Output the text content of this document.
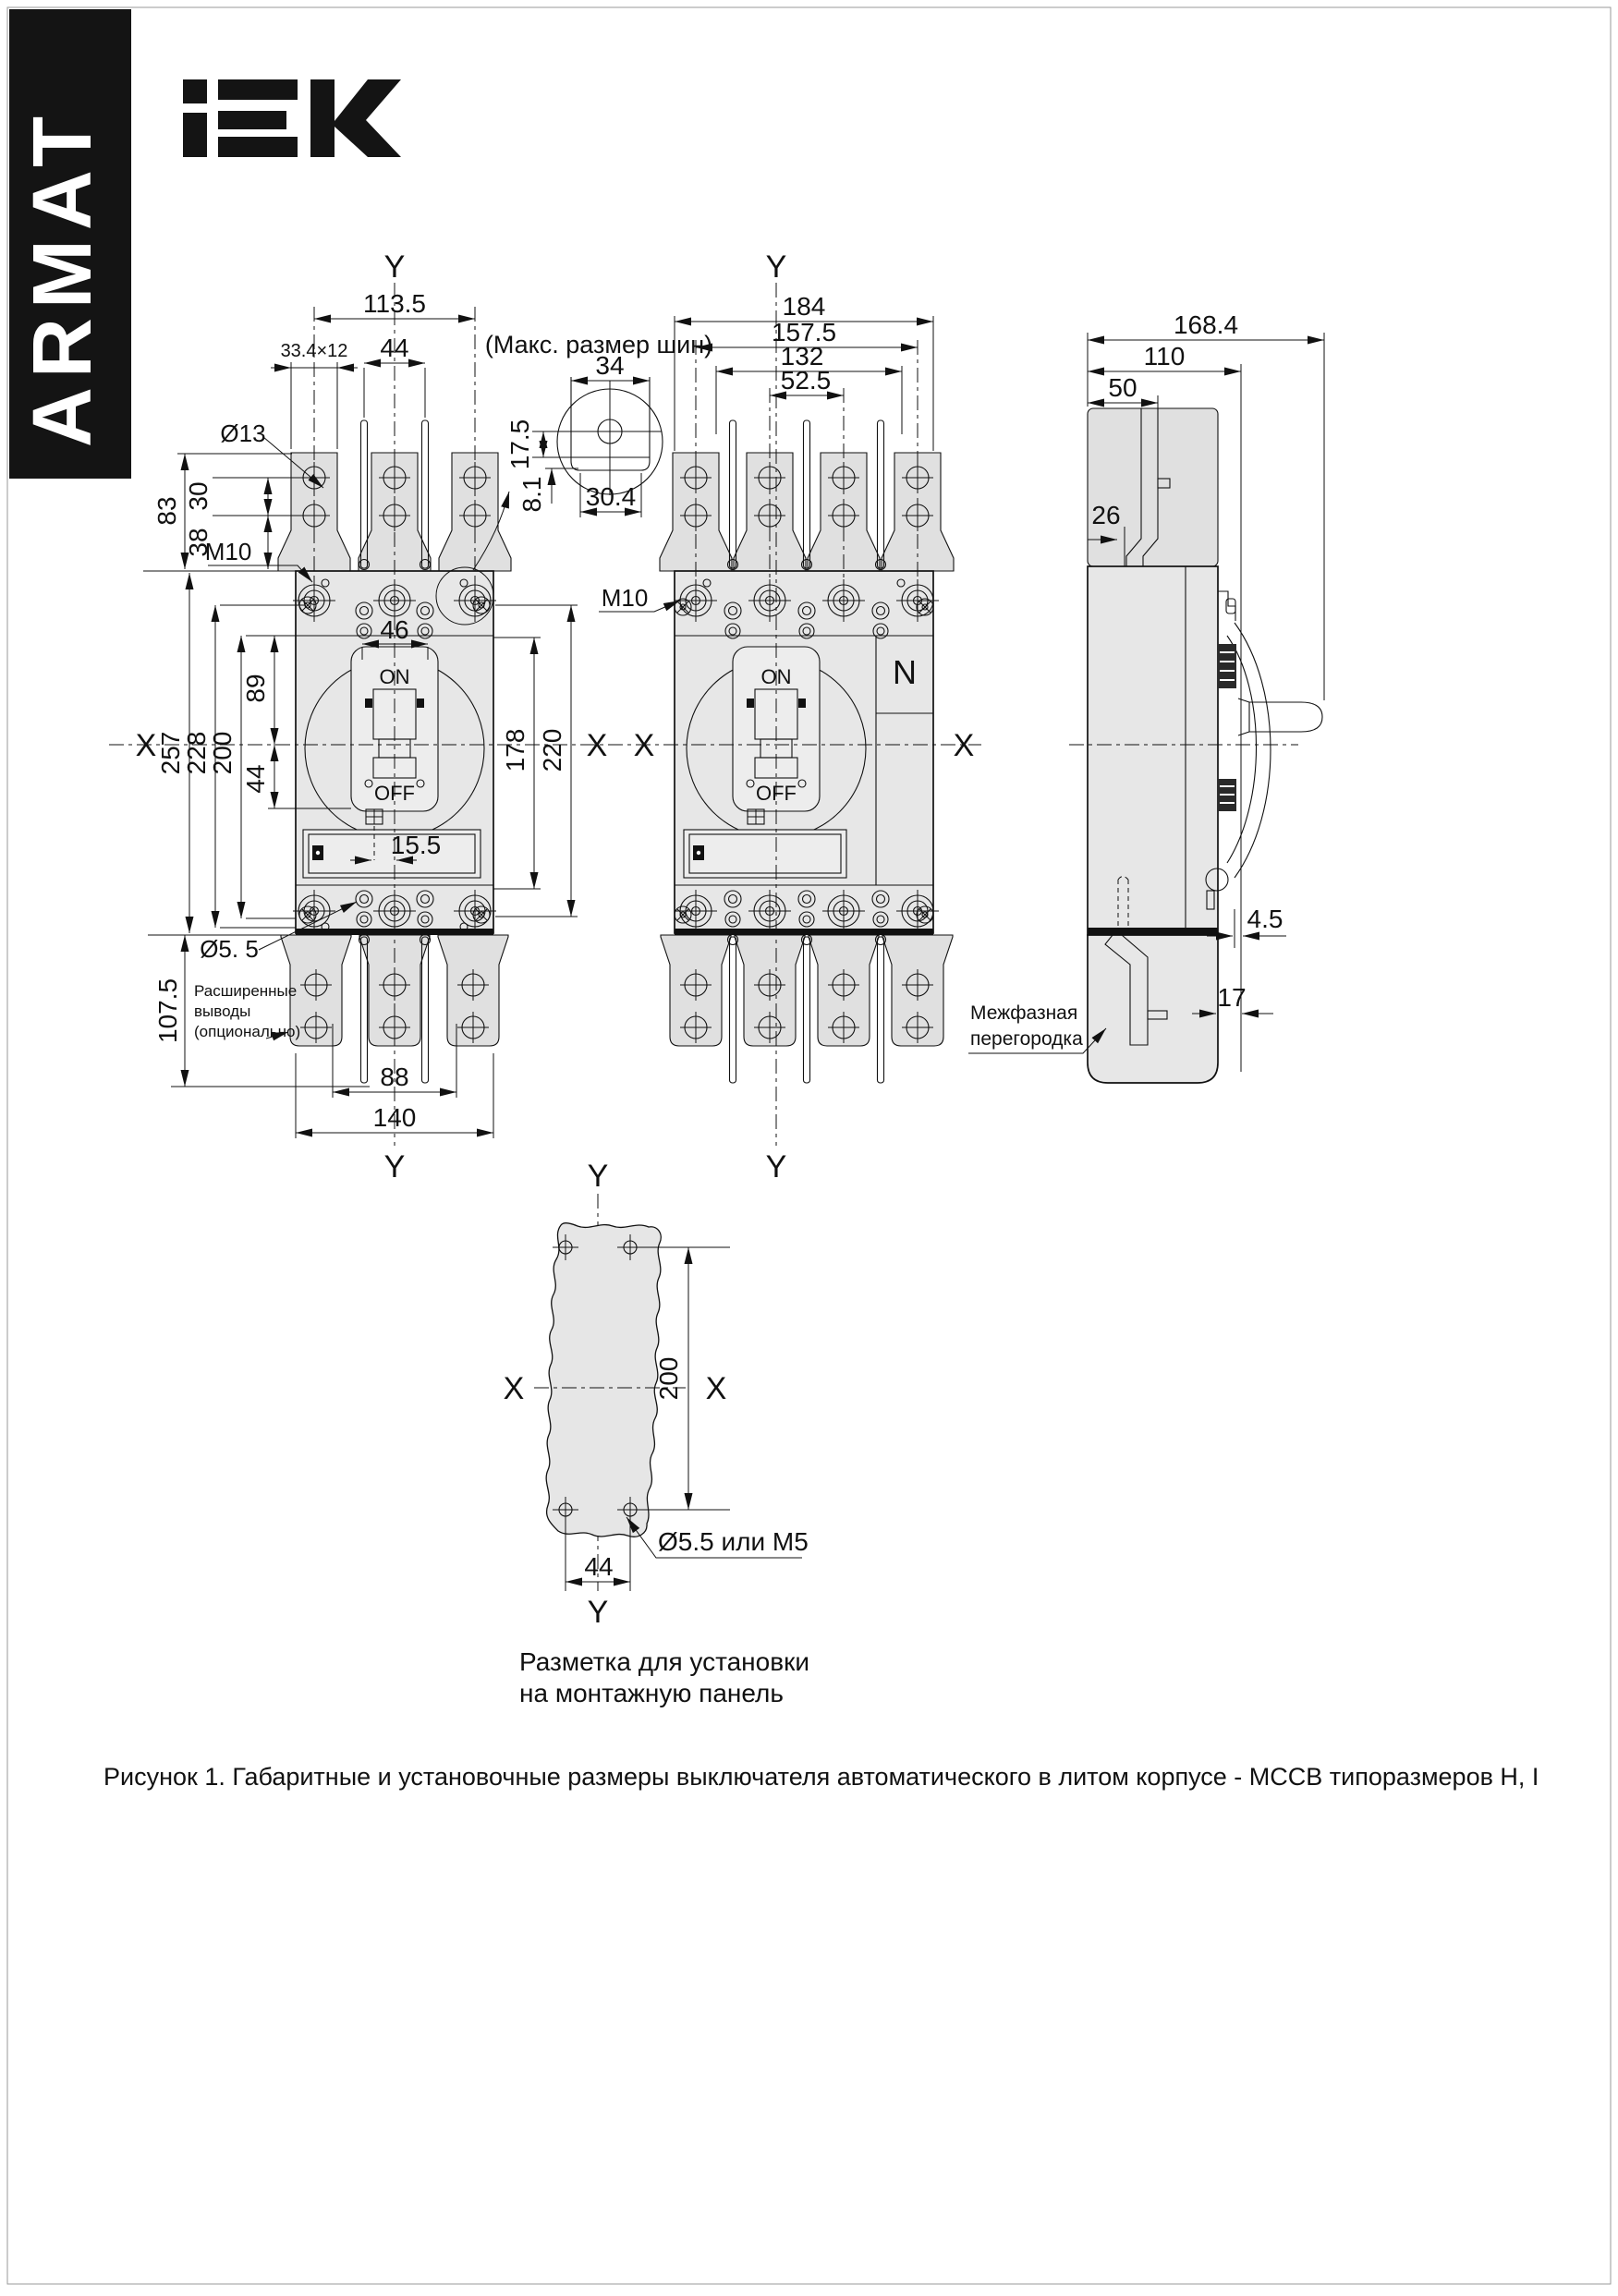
ARMAT
ON
OFF
46
15.5
Y
113.5
44
33.4×12
Ø13
83
30
38
M10
X 257
228
200
89
44
178 220 X
107.5
Ø5. 5
Расширенные
выводы
(опционально)
88
140
Y
(Макс. размер шин)
34
17.5
8.1 30.4
ON
OFF
N
Y
184
157.5
132
52.5
M10
X	X
Y
168.4
110
50
26
4.5
17
Межфазная
перегородка
Y
X	X
200
Ø5.5 или М5
44
Y
Разметка для установки
на монтажную панель
Рисунок 1. Габаритные и установочные размеры выключателя автоматического в литом корпусе - MCCB типоразмеров H, I
